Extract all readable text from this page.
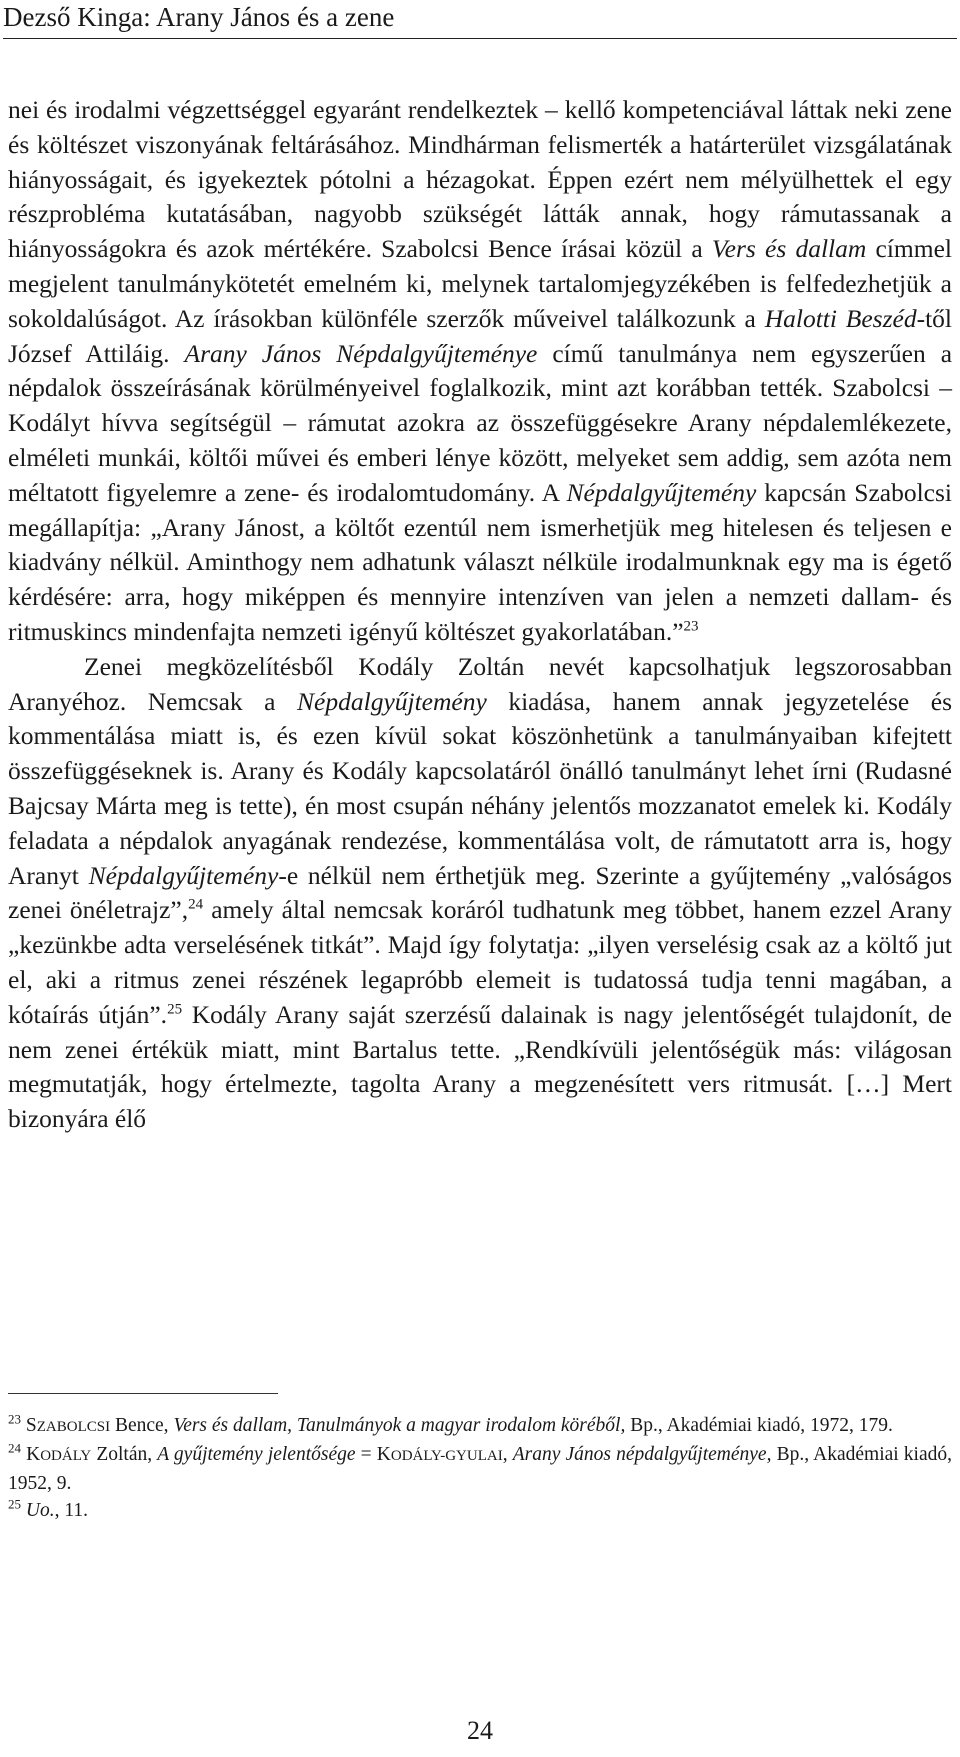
Dezső Kinga: Arany János és a zene

nei és irodalmi végzettséggel egyaránt rendelkeztek – kellő kompetenciával láttak neki zene és költészet viszonyának feltárásához. Mindhárman felismerték a határterület vizsgálatának hiányosságait, és igyekeztek pótolni a hézagokat. Éppen ezért nem mélyülhettek el egy részprobléma kutatásában, nagyobb szükségét látták annak, hogy rámutassanak a hiányosságokra és azok mértékére. Szabolcsi Bence írásai közül a Vers és dallam címmel megjelent tanulmánykötetét emelném ki, melynek tartalomjegyzékében is felfedezhetjük a sokoldalúságot. Az írásokban különféle szerzők műveivel találkozunk a Halotti Beszéd-től József Attiláig. Arany János Népdalgyűjteménye című tanulmánya nem egyszerűen a népdalok összeírásának körülményeivel foglalkozik, mint azt korábban tették. Szabolcsi – Kodályt hívva segítségül – rámutat azokra az összefüggésekre Arany népdalemlékezete, elméleti munkái, költői művei és emberi lénye között, melyeket sem addig, sem azóta nem méltatott figyelemre a zene- és irodalomtudomány. A Népdalgyűjtemény kapcsán Szabolcsi megállapítja: „Arany Jánost, a költőt ezentúl nem ismerhetjük meg hitelesen és teljesen e kiadvány nélkül. Aminthogy nem adhatunk választ nélküle irodalmunknak egy ma is égető kérdésére: arra, hogy miképpen és mennyire intenzíven van jelen a nemzeti dallam- és ritmuskincs mindenfajta nemzeti igényű költészet gyakorlatában.”$^{23}$

Zenei megközelítésből Kodály Zoltán nevét kapcsolhatjuk legszorosabban Aranyéhoz. Nemcsak a Népdalgyűjtemény kiadása, hanem annak jegyzetelése és kommentálása miatt is, és ezen kívül sokat köszönhetünk a tanulmányaiban kifejtett összefüggéseknek is. Arany és Kodály kapcsolatáról önálló tanulmányt lehet írni (Rudasné Bajcsay Márta meg is tette), én most csupán néhány jelentős mozzanatot emelek ki. Kodály feladata a népdalok anyagának rendezése, kommentálása volt, de rámutatott arra is, hogy Aranyt Népdalgyűjtemény-e nélkül nem érthetjük meg. Szerinte a gyűjtemény „valóságos zenei önéletrajz”,$^{24}$ amely által nemcsak koráról tudhatunk meg többet, hanem ezzel Arany „kezünkbe adta verselésének titkát”. Majd így folytatja: „ilyen verselésig csak az a költő jut el, aki a ritmus zenei részének legapróbb elemeit is tudatossá tudja tenni magában, a kótaírás útján”.$^{25}$ Kodály Arany saját szerzésű dalainak is nagy jelentőségét tulajdonít, de nem zenei értékük miatt, mint Bartalus tette. „Rendkívüli jelentőségük más: világosan megmutatják, hogy értelmezte, tagolta Arany a megzenésített vers ritmusát. […] Mert bizonyára élő

$^{23}$ SZABOLCSI Bence, Vers és dallam, Tanulmányok a magyar irodalom köréből, Bp., Akadémiai kiadó, 1972, 179.

$^{24}$ KODÁLY Zoltán, A gyűjtemény jelentősége = KODÁLY-GYULAI, Arany János népdalgyűjteménye, Bp., Akadémiai kiadó, 1952, 9.

$^{25}$ Uo., 11.

24
